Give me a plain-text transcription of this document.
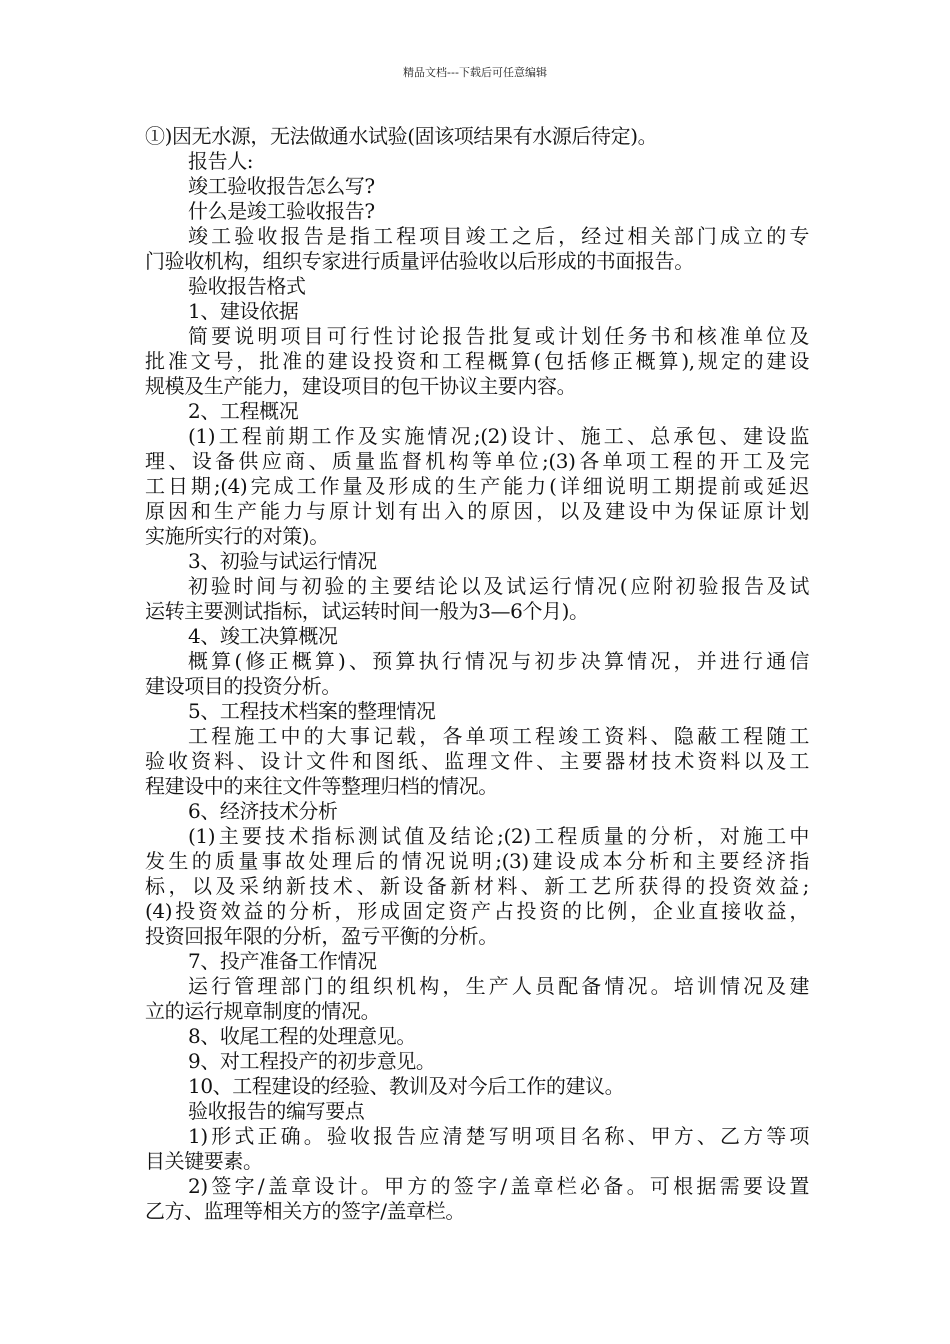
精品文档---下载后可任意编辑
①)因无水源，无法做通水试验(固该项结果有水源后待定)。
报告人:
竣工验收报告怎么写?
什么是竣工验收报告?
竣工验收报告是指工程项目竣工之后，经过相关部门成立的专
门验收机构，组织专家进行质量评估验收以后形成的书面报告。
验收报告格式
1、建设依据
简要说明项目可行性讨论报告批复或计划任务书和核准单位及
批准文号，批准的建设投资和工程概算(包括修正概算),规定的建设
规模及生产能力，建设项目的包干协议主要内容。
2、工程概况
(1)工程前期工作及实施情况;(2)设计、施工、总承包、建设监
理、设备供应商、质量监督机构等单位;(3)各单项工程的开工及完
工日期;(4)完成工作量及形成的生产能力(详细说明工期提前或延迟
原因和生产能力与原计划有出入的原因，以及建设中为保证原计划
实施所实行的对策)。
3、初验与试运行情况
初验时间与初验的主要结论以及试运行情况(应附初验报告及试
运转主要测试指标，试运转时间一般为3—6个月)。
4、竣工决算概况
概算(修正概算)、预算执行情况与初步决算情况，并进行通信
建设项目的投资分析。
5、工程技术档案的整理情况
工程施工中的大事记载，各单项工程竣工资料、隐蔽工程随工
验收资料、设计文件和图纸、监理文件、主要器材技术资料以及工
程建设中的来往文件等整理归档的情况。
6、经济技术分析
(1)主要技术指标测试值及结论;(2)工程质量的分析，对施工中
发生的质量事故处理后的情况说明;(3)建设成本分析和主要经济指
标，以及采纳新技术、新设备新材料、新工艺所获得的投资效益;
(4)投资效益的分析，形成固定资产占投资的比例，企业直接收益，
投资回报年限的分析，盈亏平衡的分析。
7、投产准备工作情况
运行管理部门的组织机构，生产人员配备情况。培训情况及建
立的运行规章制度的情况。
8、收尾工程的处理意见。
9、对工程投产的初步意见。
10、工程建设的经验、教训及对今后工作的建议。
验收报告的编写要点
1)形式正确。验收报告应清楚写明项目名称、甲方、乙方等项
目关键要素。
2)签字/盖章设计。甲方的签字/盖章栏必备。可根据需要设置
乙方、监理等相关方的签字/盖章栏。
